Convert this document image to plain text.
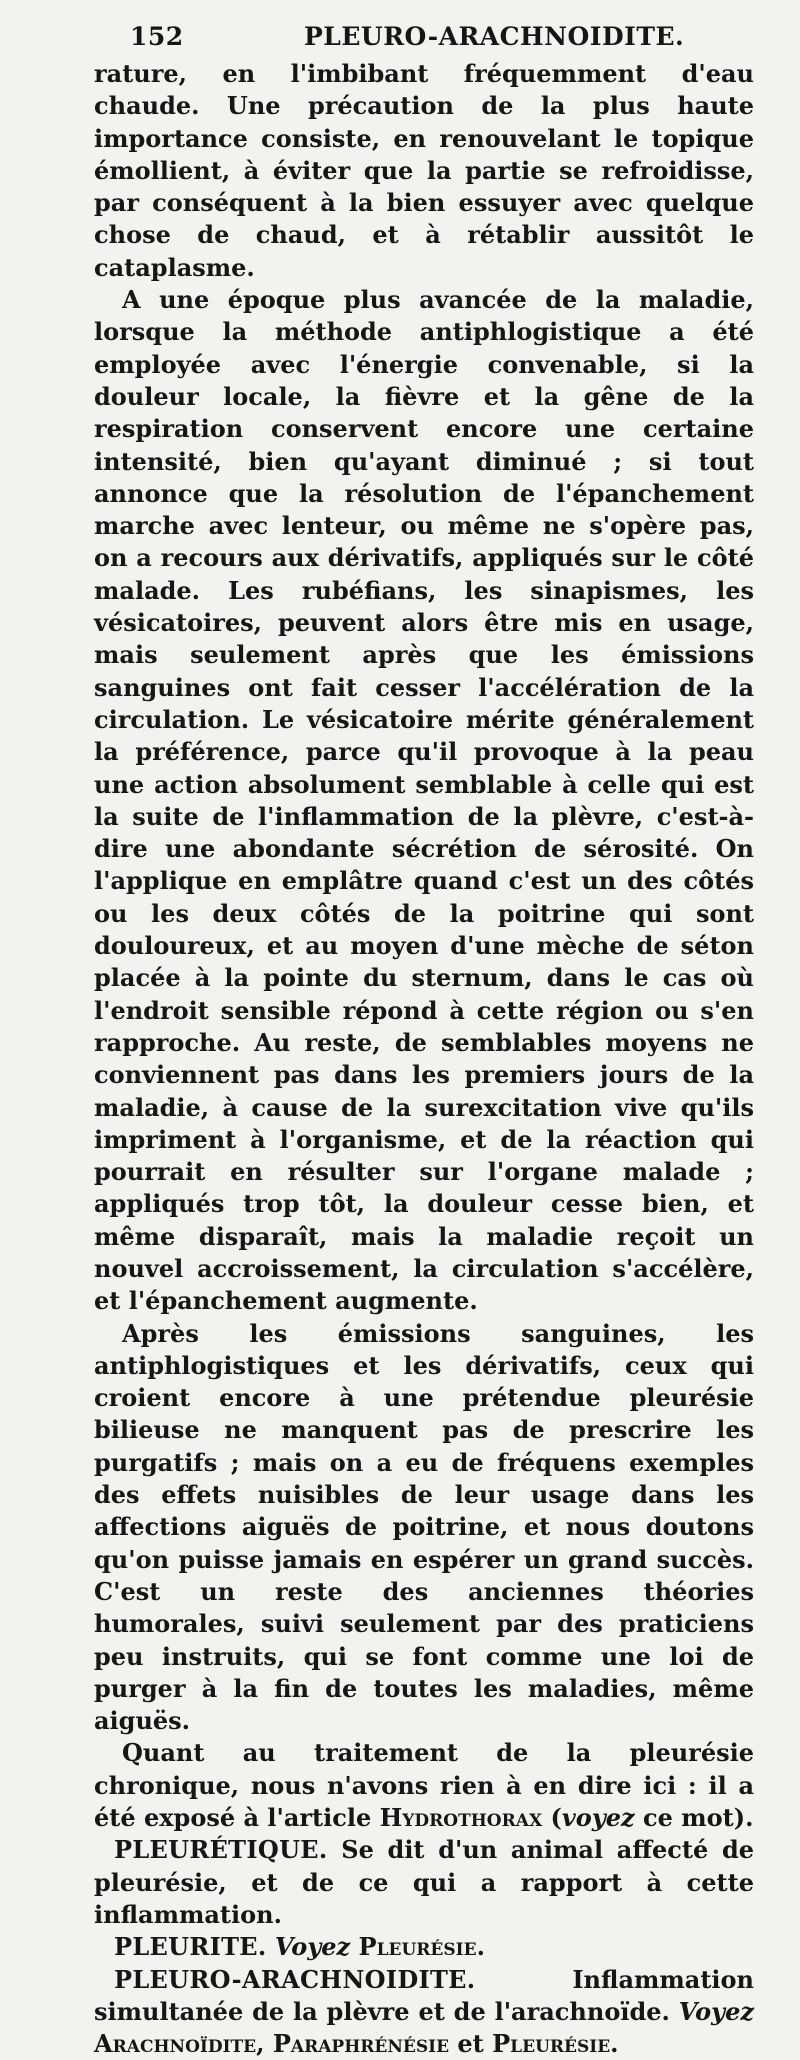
152	PLEURO-ARACHNOIDITE.

rature, en l'imbibant fréquemment d'eau chaude. Une précaution de la plus haute importance consiste, en renouvelant le topique émollient, à éviter que la partie se refroidisse, par conséquent à la bien essuyer avec quelque chose de chaud, et à rétablir aussitôt le cataplasme.

A une époque plus avancée de la maladie, lorsque la méthode antiphlogistique a été employée avec l'énergie convenable, si la douleur locale, la fièvre et la gêne de la respiration conservent encore une certaine intensité, bien qu'ayant diminué ; si tout annonce que la résolution de l'épanchement marche avec lenteur, ou même ne s'opère pas, on a recours aux dérivatifs, appliqués sur le côté malade. Les rubéfians, les sinapismes, les vésicatoires, peuvent alors être mis en usage, mais seulement après que les émissions sanguines ont fait cesser l'accélération de la circulation. Le vésicatoire mérite généralement la préférence, parce qu'il provoque à la peau une action absolument semblable à celle qui est la suite de l'inflammation de la plèvre, c'est-à-dire une abondante sécrétion de sérosité. On l'applique en emplâtre quand c'est un des côtés ou les deux côtés de la poitrine qui sont douloureux, et au moyen d'une mèche de séton placée à la pointe du sternum, dans le cas où l'endroit sensible répond à cette région ou s'en rapproche. Au reste, de semblables moyens ne conviennent pas dans les premiers jours de la maladie, à cause de la surexcitation vive qu'ils impriment à l'organisme, et de la réaction qui pourrait en résulter sur l'organe malade ; appliqués trop tôt, la douleur cesse bien, et même disparaît, mais la maladie reçoit un nouvel accroissement, la circulation s'accélère, et l'épanchement augmente.

Après les émissions sanguines, les antiphlogistiques et les dérivatifs, ceux qui croient encore à une prétendue pleurésie bilieuse ne manquent pas de prescrire les purgatifs ; mais on a eu de fréquens exemples des effets nuisibles de leur usage dans les affections aiguës de poitrine, et nous doutons qu'on puisse jamais en espérer un grand succès. C'est un reste des anciennes théories humorales, suivi seulement par des praticiens peu instruits, qui se font comme une loi de purger à la fin de toutes les maladies, même aiguës.

Quant au traitement de la pleurésie chronique, nous n'avons rien à en dire ici : il a été exposé à l'article Hydrothorax (voyez ce mot).

PLEURÉTIQUE. Se dit d'un animal affecté de pleurésie, et de ce qui a rapport à cette inflammation.

PLEURITE. Voyez Pleurésie.

PLEURO-ARACHNOIDITE. Inflammation simultanée de la plèvre et de l'arachnoïde. Voyez Arachnoïdite, Paraphrénésie et Pleurésie.
